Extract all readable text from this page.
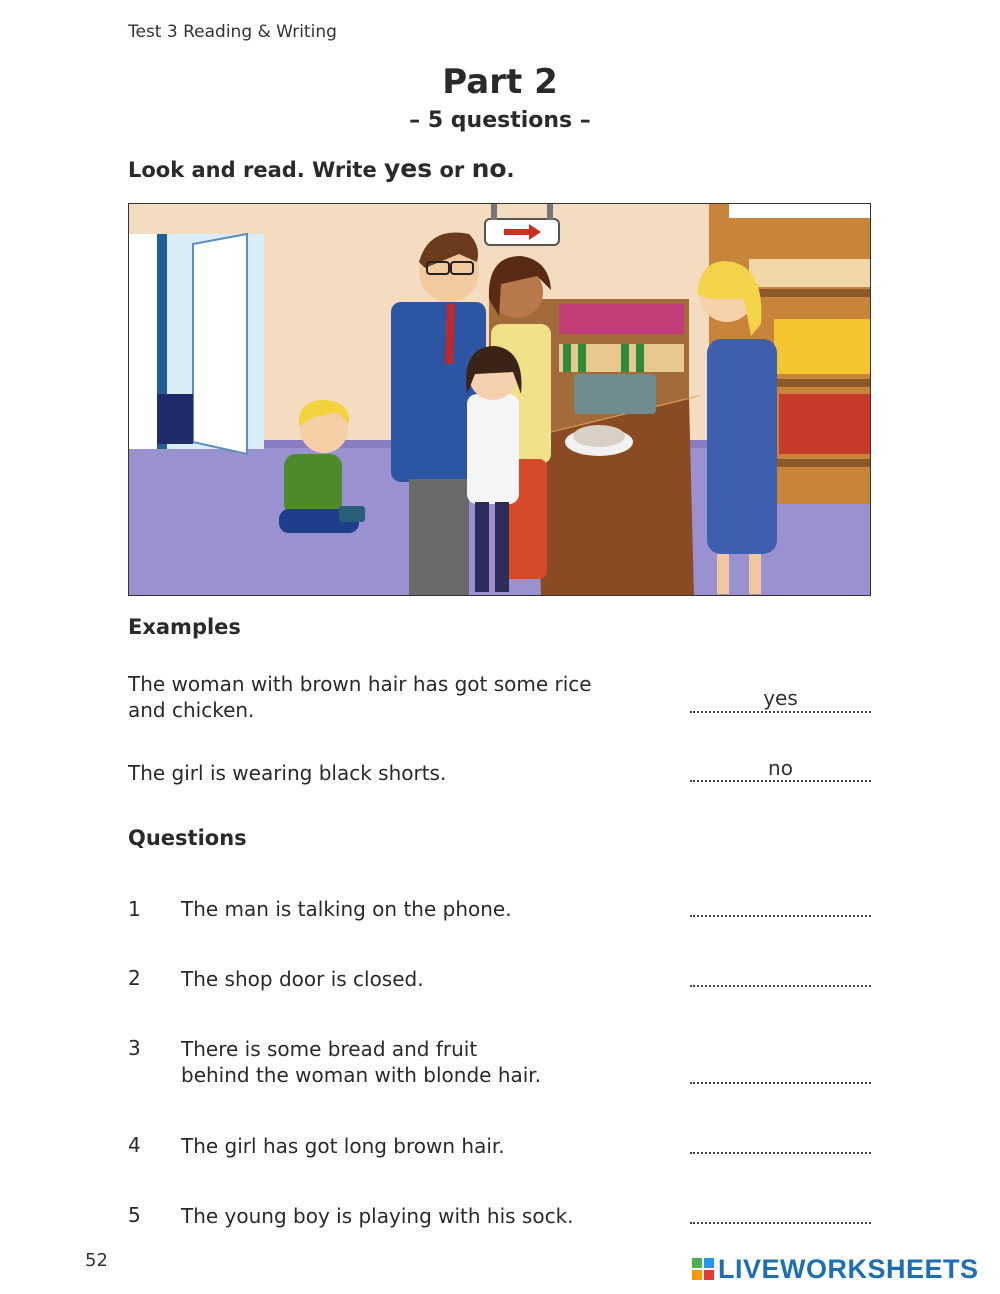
Test 3 Reading & Writing
Part 2
– 5 questions –
Look and read. Write yes or no.
Examples
The woman with brown hair has got some rice
and chicken.	yes
The girl is wearing black shorts.	no
Questions
1 The man is talking on the phone.
2 The shop door is closed.
3 There is some bread and fruit
behind the woman with blonde hair.
4 The girl has got long brown hair.
5 The young boy is playing with his sock.
52	LIVEWORKSHEETS
